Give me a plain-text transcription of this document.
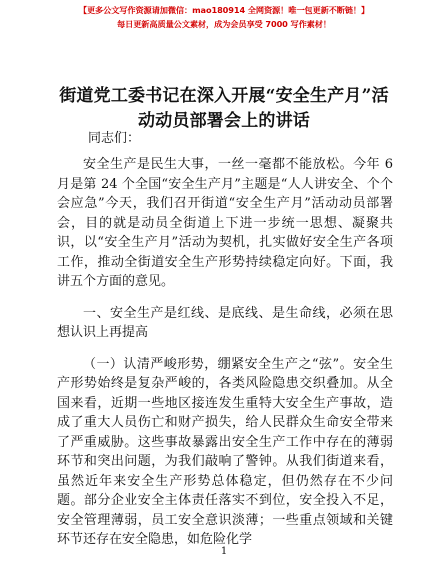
【更多公文写作资源请加微信：mao180914 全网资源！唯一包更新不断链！】
每日更新高质量公文素材，成为会员享受 7000 写作素材！
街道党工委书记在深入开展“安全生产月”活
动动员部署会上的讲话
同志们：

安全生产是民生大事，一丝一毫都不能放松。今年 6 月是第 24 个全国“安全生产月”主题是“人人讲安全、个个会应急”今天，我们召开街道“安全生产月”活动动员部署会，目的就是动员全街道上下进一步统一思想、凝聚共识，以“安全生产月”活动为契机，扎实做好安全生产各项工作，推动全街道安全生产形势持续稳定向好。下面，我讲五个方面的意见。

一、安全生产是红线、是底线、是生命线，必须在思想认识上再提高

（一）认清严峻形势，绷紧安全生产之“弦”。安全生产形势始终是复杂严峻的，各类风险隐患交织叠加。从全国来看，近期一些地区接连发生重特大安全生产事故，造成了重大人员伤亡和财产损失，给人民群众生命安全带来了严重威胁。这些事故暴露出安全生产工作中存在的薄弱环节和突出问题，为我们敲响了警钟。从我们街道来看，虽然近年来安全生产形势总体稳定，但仍然存在不少问题。部分企业安全主体责任落实不到位，安全投入不足，安全管理薄弱，员工安全意识淡薄；一些重点领域和关键环节还存在安全隐患，如危险化学

1
